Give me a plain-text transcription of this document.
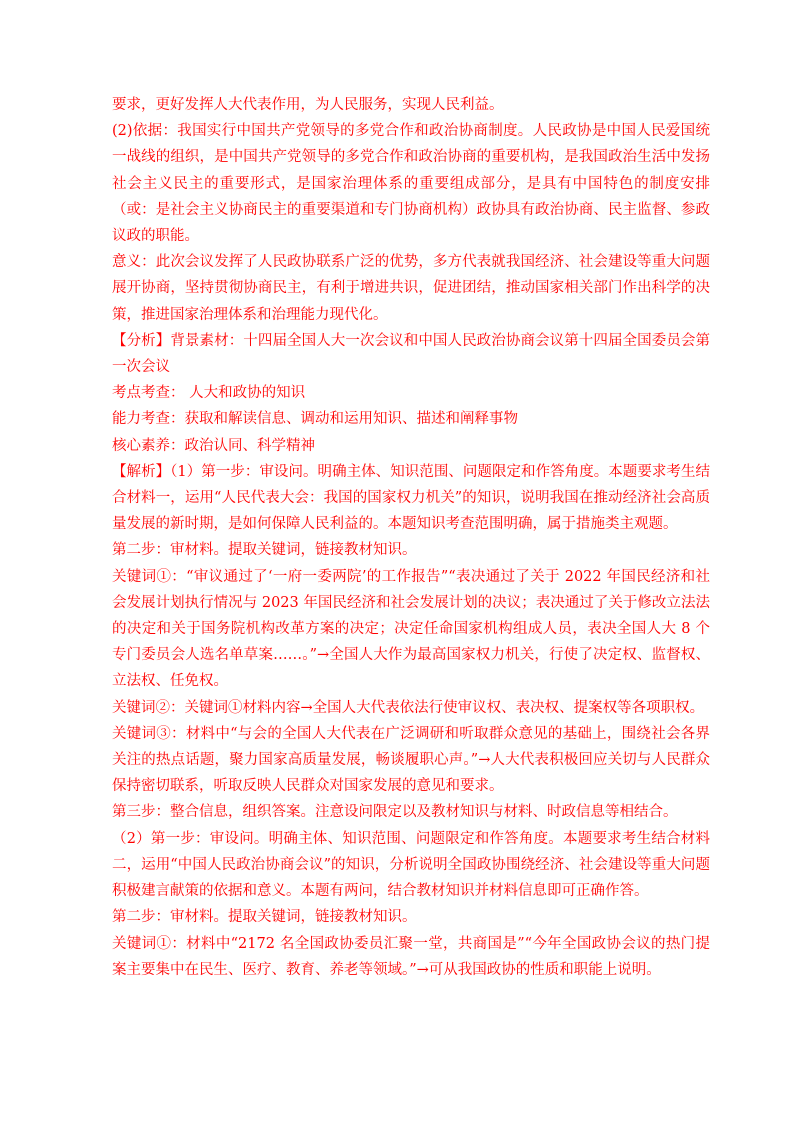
要求，更好发挥人大代表作用，为人民服务，实现人民利益。

(2)依据：我国实行中国共产党领导的多党合作和政治协商制度。人民政协是中国人民爱国统一战线的组织，是中国共产党领导的多党合作和政治协商的重要机构，是我国政治生活中发扬社会主义民主的重要形式，是国家治理体系的重要组成部分，是具有中国特色的制度安排（或：是社会主义协商民主的重要渠道和专门协商机构）政协具有政治协商、民主监督、参政议政的职能。

意义：此次会议发挥了人民政协联系广泛的优势，多方代表就我国经济、社会建设等重大问题展开协商，坚持贯彻协商民主，有利于增进共识，促进团结，推动国家相关部门作出科学的决策，推进国家治理体系和治理能力现代化。

【分析】背景素材：十四届全国人大一次会议和中国人民政治协商会议第十四届全国委员会第一次会议

考点考查： 人大和政协的知识

能力考查：获取和解读信息、调动和运用知识、描述和阐释事物

核心素养：政治认同、科学精神

【解析】（1）第一步：审设问。明确主体、知识范围、问题限定和作答角度。本题要求考生结合材料一，运用“人民代表大会：我国的国家权力机关”的知识，说明我国在推动经济社会高质量发展的新时期，是如何保障人民利益的。本题知识考查范围明确，属于措施类主观题。

第二步：审材料。提取关键词，链接教材知识。

关键词①：“审议通过了‘一府一委两院’的工作报告”“表决通过了关于 2022 年国民经济和社会发展计划执行情况与 2023 年国民经济和社会发展计划的决议；表决通过了关于修改立法法的决定和关于国务院机构改革方案的决定；决定任命国家机构组成人员，表决全国人大 8 个专门委员会人选名单草案……。”→全国人大作为最高国家权力机关，行使了决定权、监督权、立法权、任免权。

关键词②：关键词①材料内容→全国人大代表依法行使审议权、表决权、提案权等各项职权。

关键词③：材料中“与会的全国人大代表在广泛调研和听取群众意见的基础上，围绕社会各界关注的热点话题，聚力国家高质量发展，畅谈履职心声。”→人大代表积极回应关切与人民群众保持密切联系，听取反映人民群众对国家发展的意见和要求。

第三步：整合信息，组织答案。注意设问限定以及教材知识与材料、时政信息等相结合。

（2）第一步：审设问。明确主体、知识范围、问题限定和作答角度。本题要求考生结合材料二，运用“中国人民政治协商会议”的知识，分析说明全国政协围绕经济、社会建设等重大问题积极建言献策的依据和意义。本题有两问，结合教材知识并材料信息即可正确作答。

第二步：审材料。提取关键词，链接教材知识。

关键词①：材料中“2172 名全国政协委员汇聚一堂，共商国是”“今年全国政协会议的热门提案主要集中在民生、医疗、教育、养老等领域。”→可从我国政协的性质和职能上说明。
